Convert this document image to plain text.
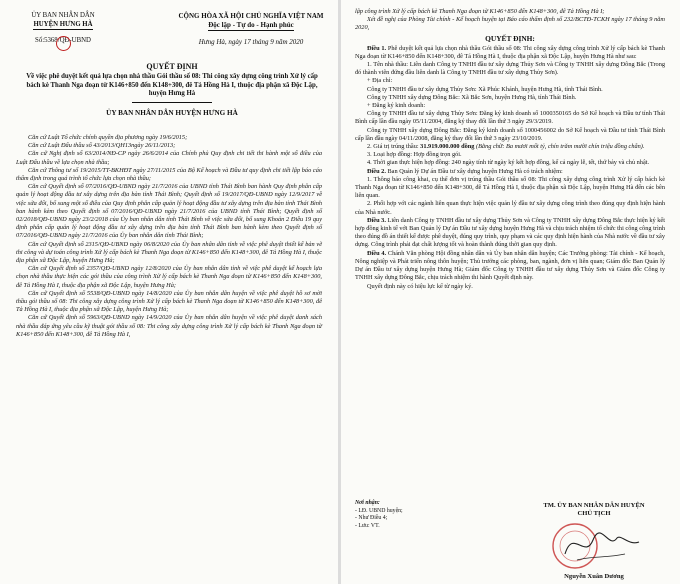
ỦY BAN NHÂN DÂN
HUYỆN HƯNG HÀ
Số:5368/QĐ-UBND
CỘNG HÒA XÃ HỘI CHỦ NGHĨA VIỆT NAM
Độc lập - Tự do - Hạnh phúc
Hưng Hà, ngày 17 tháng 9 năm 2020
QUYẾT ĐỊNH
Về việc phê duyệt kết quả lựa chọn nhà thầu Gói thầu số 08: Thi công xây dựng công trình Xử lý cấp bách kè Thanh Nga đoạn từ K146+850 đến K148+300, đê Tả Hồng Hà I, thuộc địa phận xã Độc Lập, huyện Hưng Hà
ỦY BAN NHÂN DÂN HUYỆN HƯNG HÀ

Căn cứ Luật Tổ chức chính quyền địa phương ngày 19/6/2015;

Căn cứ Luật Đấu thầu số 43/2013/QH13ngày 26/11/2013;

Căn cứ Nghị định số 63/2014/NĐ-CP ngày 26/6/2014 của Chính phủ Quy định chi tiết thi hành một số điều của Luật Đấu thầu về lựa chọn nhà thầu;

Căn cứ Thông tư số 19/2015/TT-BKHĐT ngày 27/11/2015 của Bộ Kế hoạch và Đầu tư quy định chi tiết lập báo cáo thẩm định trong quá trình tổ chức lựa chọn nhà thầu;

Căn cứ Quyết định số 07/2016/QĐ-UBND ngày 21/7/2016 của UBND tỉnh Thái Bình ban hành Quy định phân cấp quản lý hoạt động đầu tư xây dựng trên địa bàn tỉnh Thái Bình; Quyết định số 19/2017/QĐ-UBND ngày 12/9/2017 về việc sửa đổi, bổ sung một số điều của Quy định phân cấp quản lý hoạt động đầu tư xây dựng trên địa bàn tỉnh Thái Bình ban hành kèm theo Quyết định số 07/2016/QĐ-UBND ngày 21/7/2016 của UBND tỉnh Thái Bình; Quyết định số 02/2018/QĐ-UBND ngày 23/2/2018 của Ủy ban nhân dân tỉnh Thái Bình về việc sửa đổi, bổ sung Khoản 2 Điều 19 quy định phân cấp quản lý hoạt động đầu tư xây dựng trên địa bàn tỉnh Thái Bình ban hành kèm theo Quyết định số 07/2016/QĐ-UBND ngày 21/7/2016 của Ủy ban nhân dân tỉnh Thái Bình;

Căn cứ Quyết định số 2315/QĐ-UBND ngày 06/8/2020 của Ủy ban nhân dân tỉnh về việc phê duyệt thiết kế bản vẽ thi công và dự toán công trình Xử lý cấp bách kè Thanh Nga đoạn từ K146+850 đến K148+300, đê Tả Hồng Hà I, thuộc địa phận xã Độc Lập, huyện Hưng Hà;

Căn cứ Quyết định số 2357/QĐ-UBND ngày 12/8/2020 của Ủy ban nhân dân tỉnh về việc phê duyệt kế hoạch lựa chọn nhà thầu thực hiện các gói thầu của công trình Xử lý cấp bách kè Thanh Nga đoạn từ K146+850 đến K148+300, đê Tả Hồng Hà I, thuộc địa phận xã Độc Lập, huyện Hưng Hà;

Căn cứ Quyết định số 5538/QĐ-UBND ngày 14/8/2020 của Ủy ban nhân dân huyện về việc phê duyệt hồ sơ mời thầu gói thầu số 08: Thi công xây dựng công trình Xử lý cấp bách kè Thanh Nga đoạn từ K146+850 đến K148+300, đê Tả Hồng Hà I, thuộc địa phận xã Độc Lập, huyện Hưng Hà;

Căn cứ Quyết định số 5963/QĐ-UBND ngày 14/9/2020 của Ủy ban nhân dân huyện về việc phê duyệt danh sách nhà thầu đáp ứng yêu cầu kỹ thuật gói thầu số 08: Thi công xây dựng công trình Xử lý cấp bách kè Thanh Nga đoạn từ K146+850 đến K148+300, đê Tả Hồng Hà I,

lập công trình Xử lý cấp bách kè Thanh Nga đoạn từ K146+850 đến K148+300, đê Tả Hồng Hà I;

Xét đề nghị của Phòng Tài chính - Kế hoạch huyện tại Báo cáo thẩm định số 232/BCTĐ-TCKH ngày 17 tháng 9 năm 2020,

QUYẾT ĐỊNH:

Điều 1. Phê duyệt kết quả lựa chọn nhà thầu Gói thầu số 08: Thi công xây dựng công trình Xử lý cấp bách kè Thanh Nga đoạn từ K146+850 đến K148+300, đê Tả Hồng Hà I, thuộc địa phận xã Độc Lập, huyện Hưng Hà như sau:

1. Tên nhà thầu: Liên danh Công ty TNHH đầu tư xây dựng Thủy Sơn và Công ty TNHH xây dựng Đông Bắc (Trong đó thành viên đứng đầu liên danh là Công ty TNHH đầu tư xây dựng Thủy Sơn).

+ Địa chỉ:

Công ty TNHH đầu tư xây dựng Thủy Sơn: Xã Phúc Khánh, huyện Hưng Hà, tỉnh Thái Bình.

Công ty TNHH xây dựng Đông Bắc: Xã Bắc Sơn, huyện Hưng Hà, tỉnh Thái Bình.

+ Đăng ký kinh doanh:

Công ty TNHH đầu tư xây dựng Thủy Sơn: Đăng ký kinh doanh số 1000350165 do Sở Kế hoạch và Đầu tư tỉnh Thái Bình cấp lần đầu ngày 05/11/2004, đăng ký thay đổi lần thứ 3 ngày 29/3/2019.

Công ty TNHH xây dựng Đông Bắc: Đăng ký kinh doanh số 1000456002 do Sở Kế hoạch và Đầu tư tỉnh Thái Bình cấp lần đầu ngày 04/11/2008, đăng ký thay đổi lần thứ 3 ngày 23/10/2019.

2. Giá trị trúng thầu: 31.919.000.000 đồng (Bằng chữ: Ba mươi mốt tỷ, chín trăm mười chín triệu đồng chẵn).

3. Loại hợp đồng: Hợp đồng trọn gói.

4. Thời gian thực hiện hợp đồng: 240 ngày tính từ ngày ký kết hợp đồng, kể cả ngày lễ, tết, thứ bảy và chủ nhật.

Điều 2. Ban Quản lý Dự án Đầu tư xây dựng huyện Hưng Hà có trách nhiệm:

1. Thông báo công khai, cụ thể đơn vị trúng thầu Gói thầu số 08: Thi công xây dựng công trình Xử lý cấp bách kè Thanh Nga đoạn từ K146+850 đến K148+300, đê Tả Hồng Hà I, thuộc địa phận xã Độc Lập, huyện Hưng Hà đến các bên liên quan.

2. Phối hợp với các ngành liên quan thực hiện việc quản lý đầu tư xây dựng công trình theo đúng quy định hiện hành của Nhà nước.

Điều 3. Liên danh Công ty TNHH đầu tư xây dựng Thủy Sơn và Công ty TNHH xây dựng Đông Bắc thực hiện ký kết hợp đồng kinh tế với Ban Quản lý Dự án Đầu tư xây dựng huyện Hưng Hà và chịu trách nhiệm tổ chức thi công công trình theo đúng đồ án thiết kế được phê duyệt, đúng quy trình, quy phạm và các quy định hiện hành của Nhà nước về đầu tư xây dựng. Công trình phải đạt chất lượng tốt và hoàn thành đúng thời gian quy định.

Điều 4. Chánh Văn phòng Hội đồng nhân dân và Ủy ban nhân dân huyện; Các Trưởng phòng: Tài chính - Kế hoạch, Nông nghiệp và Phát triển nông thôn huyện; Thủ trưởng các phòng, ban, ngành, đơn vị liên quan; Giám đốc Ban Quản lý Dự án Đầu tư xây dựng huyện Hưng Hà; Giám đốc Công ty TNHH đầu tư xây dựng Thủy Sơn và Giám đốc Công ty TNHH xây dựng Đông Bắc, chịu trách nhiệm thi hành Quyết định này.

Quyết định này có hiệu lực kể từ ngày ký.

Nơi nhận:
- LĐ. UBND huyện;
- Như Điều 4;
- Lưu: VT.
TM. ỦY BAN NHÂN DÂN HUYỆN
CHỦ TỊCH
Nguyễn Xuân Dương
